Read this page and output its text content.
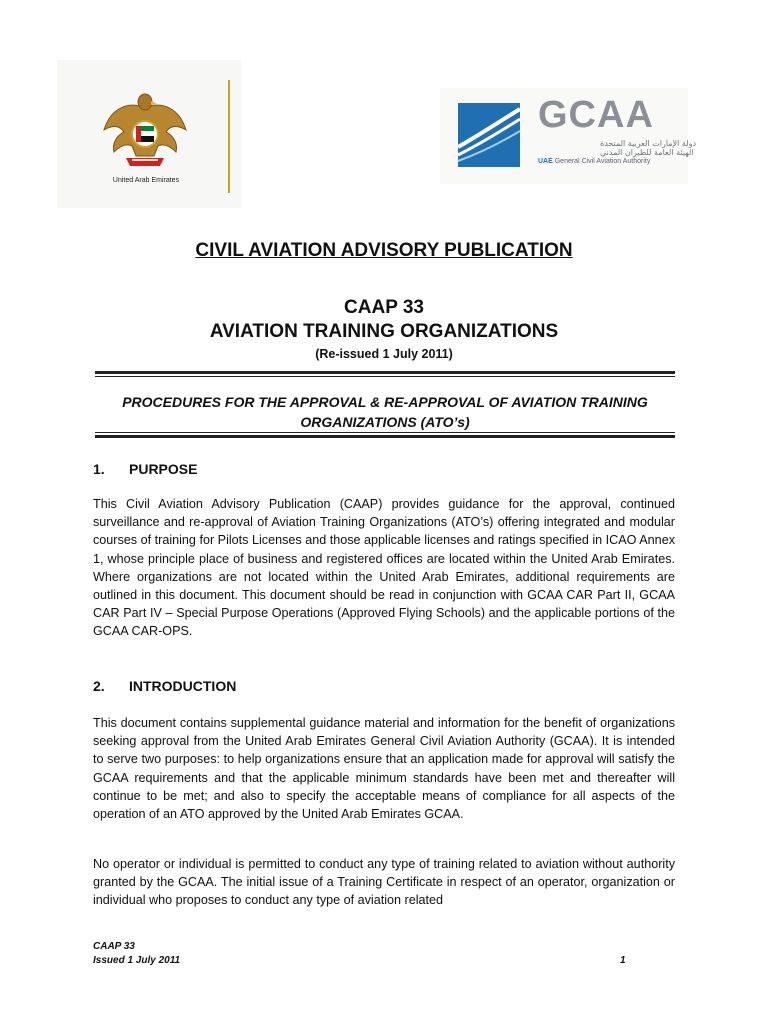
United Arab Emirates
GCAA
دولة الإمارات العربية المتحدة
الهيئة العامة للطيران المدني
UAE General Civil Aviation Authority
CIVIL AVIATION ADVISORY PUBLICATION
CAAP 33
AVIATION TRAINING ORGANIZATIONS
(Re-issued 1 July 2011)
PROCEDURES FOR THE APPROVAL & RE-APPROVAL OF AVIATION TRAINING ORGANIZATIONS (ATO’s)
1. PURPOSE
This Civil Aviation Advisory Publication (CAAP) provides guidance for the approval, continued surveillance and re-approval of Aviation Training Organizations (ATO’s) offering integrated and modular courses of training for Pilots Licenses and those applicable licenses and ratings specified in ICAO Annex 1, whose principle place of business and registered offices are located within the United Arab Emirates. Where organizations are not located within the United Arab Emirates, additional requirements are outlined in this document. This document should be read in conjunction with GCAA CAR Part II, GCAA CAR Part IV – Special Purpose Operations (Approved Flying Schools) and the applicable portions of the GCAA CAR-OPS.
2. INTRODUCTION
This document contains supplemental guidance material and information for the benefit of organizations seeking approval from the United Arab Emirates General Civil Aviation Authority (GCAA). It is intended to serve two purposes: to help organizations ensure that an application made for approval will satisfy the GCAA requirements and that the applicable minimum standards have been met and thereafter will continue to be met; and also to specify the acceptable means of compliance for all aspects of the operation of an ATO approved by the United Arab Emirates GCAA.
No operator or individual is permitted to conduct any type of training related to aviation without authority granted by the GCAA. The initial issue of a Training Certificate in respect of an operator, organization or individual who proposes to conduct any type of aviation related
CAAP 33
Issued 1 July 2011	1
